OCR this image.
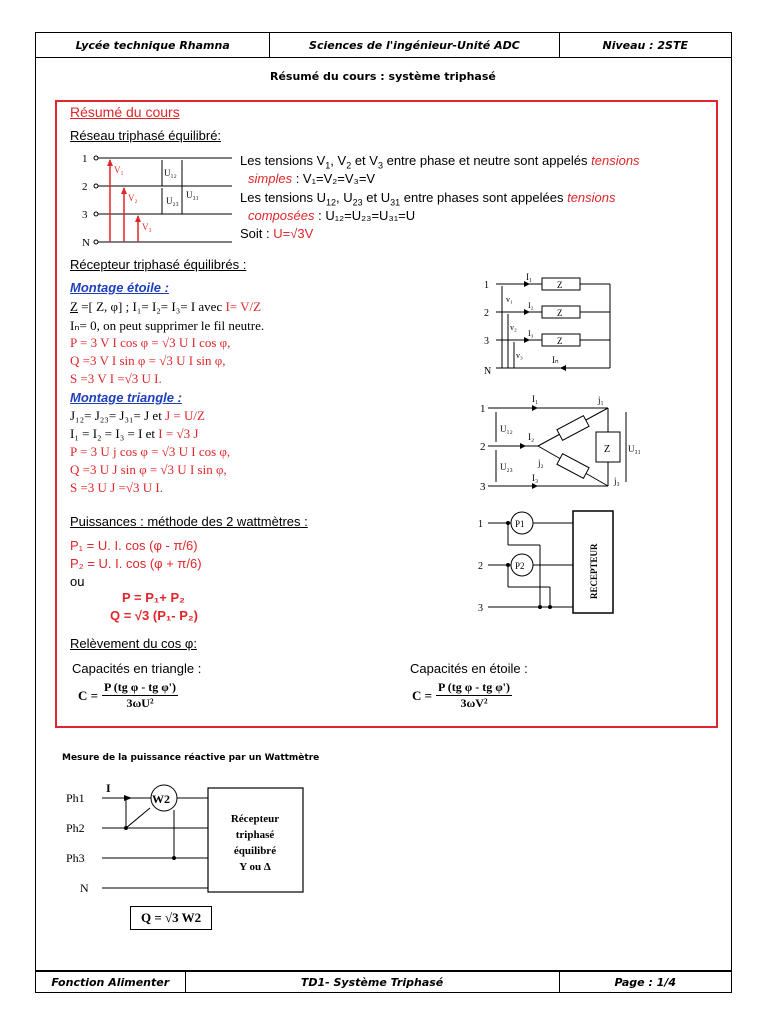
Lycée technique Rhamna	Sciences de l'ingénieur-Unité ADC	Niveau : 2STE
Résumé du cours : système triphasé
Résumé du cours
Réseau triphasé équilibré:
1
2
3
N
V₁
V₂
V₃
U₁₂
U₂₃
U₃₁
Les tensions $V_1$, $V_2$ et $V_3$ entre phase et neutre sont appelés tensions
simples : V₁=V₂=V₃=V
Les tensions $U_{12}$, $U_{23}$ et $U_{31}$ entre phases sont appelées tensions
composées : U₁₂=U₂₃=U₃₁=U
Soit : U=√3V
Récepteur triphasé équilibrés :
Montage étoile :
Z =[ Z, φ] ; I₁= I₂= I₃= I avec I= V/Z
Iₙ= 0, on peut supprimer le fil neutre.
P = 3 V I cos φ = √3 U I cos φ,
Q =3 V I sin φ = √3 U I sin φ,
S =3 V I =√3 U I.
1
2
3
N
I₁
I₂
I₃
Iₙ
v₁
v₂
v₃
Z
Z
Z
Montage triangle :
J₁₂= J₂₃= J₃₁= J et J = U/Z
I₁ = I₂ = I₃ = I et I = √3 J
P = 3 U j cos φ = √3 U I cos φ,
Q =3 U J sin φ = √3 U I sin φ,
S =3 U J =√3 U I.
1
2
3
I₁
I₂
I₃
j₁
j₂
j₃
U₁₂
U₂₃
U₃₁
Z
Puissances : méthode des 2 wattmètres :
P₁ = U. I. cos (φ - π/6)
P₂ = U. I. cos (φ + π/6)
ou
P = P₁+ P₂
Q = √3 (P₁- P₂)
1
2
3
P1
P2	RECEPTEUR
Relèvement du cos φ:
Capacités en triangle :
$C = \frac{\text{P (tg φ - tg φ')}}{\text{3ωU²}}$
Capacités en étoile :
$C = \frac{\text{P (tg φ - tg φ')}}{\text{3ωV²}}$
Mesure de la puissance réactive par un Wattmètre
Ph1
Ph2
Ph3
N
I
W2
Récepteur
triphasé
équilibré
Y ou Δ
Q = √3 W2
Fonction Alimenter	TD1- Système Triphasé	Page : 1/4
